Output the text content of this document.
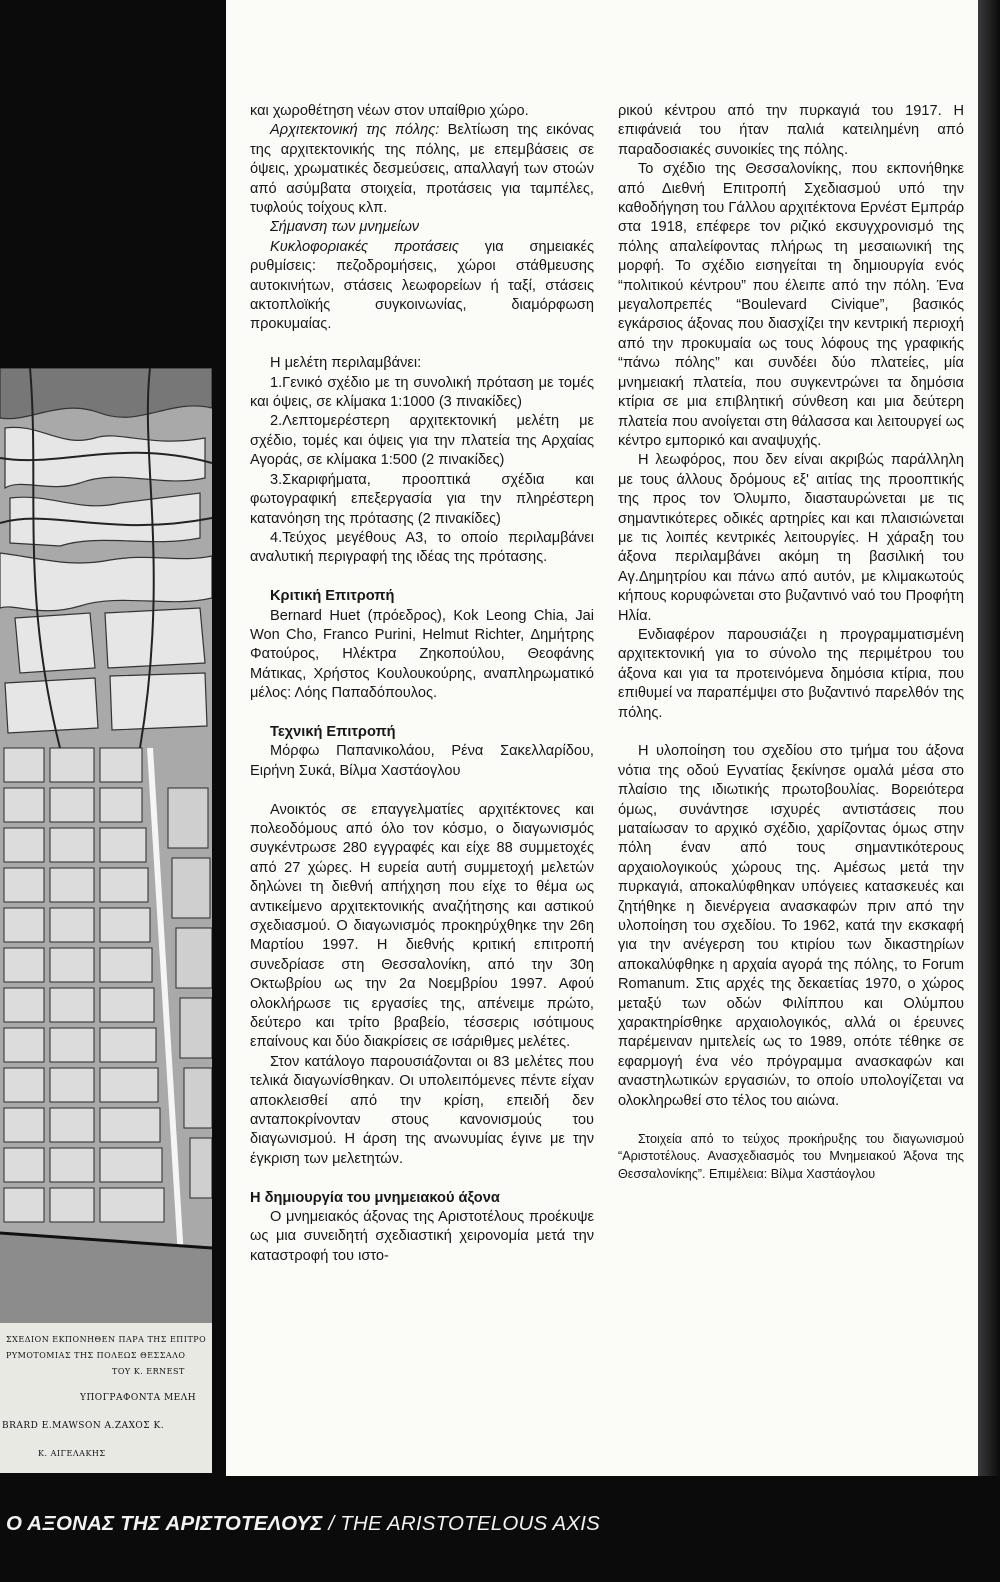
ΣΧΕΔΙΟΝ ΕΚΠΟΝΗΘΕΝ ΠΑΡΑ ΤΗΣ ΕΠΙΤΡΟ
ΡΥΜΟΤΟΜΙΑΣ ΤΗΣ ΠΟΛΕΩΣ ΘΕΣΣΑΛΟ
ΤΟΥ Κ. ERNEST
ΥΠΟΓΡΑΦΟΝΤΑ ΜΕΛΗ
BRARD E.MAWSON A.ZAXOΣ K.
K. ΑΙΓΕΛΑΚΗΣ

και χωροθέτηση νέων στον υπαίθριο χώρο.

Αρχιτεκτονική της πόλης: Βελτίωση της εικόνας της αρχιτεκτονικής της πόλης, με επεμβάσεις σε όψεις, χρωματικές δεσμεύσεις, απαλλαγή των στοών από ασύμβατα στοιχεία, προτάσεις για ταμπέλες, τυφλούς τοίχους κλπ.

Σήμανση των μνημείων

Κυκλοφοριακές προτάσεις για σημειακές ρυθμίσεις: πεζοδρομήσεις, χώροι στάθμευσης αυτοκινήτων, στάσεις λεωφορείων ή ταξί, στάσεις ακτοπλοϊκής συγκοινωνίας, διαμόρφωση προκυμαίας.

Η μελέτη περιλαμβάνει:

1.Γενικό σχέδιο με τη συνολική πρόταση με τομές και όψεις, σε κλίμακα 1:1000 (3 πινακίδες)

2.Λεπτομερέστερη αρχιτεκτονική μελέτη με σχέδιο, τομές και όψεις για την πλατεία της Αρχαίας Αγοράς, σε κλίμακα 1:500 (2 πινακίδες)

3.Σκαριφήματα, προοπτικά σχέδια και φωτογραφική επεξεργασία για την πληρέστερη κατανόηση της πρότασης (2 πινακίδες)

4.Τεύχος μεγέθους Α3, το οποίο περιλαμβάνει αναλυτική περιγραφή της ιδέας της πρότασης.

Κριτική Επιτροπή

Bernard Huet (πρόεδρος), Kok Leong Chia, Jai Won Cho, Franco Purini, Helmut Richter, Δημήτρης Φατούρος, Ηλέκτρα Ζηκοπούλου, Θεοφάνης Μάτικας, Χρήστος Κουλουκούρης, αναπληρωματικό μέλος: Λόης Παπαδόπουλος.

Τεχνική Επιτροπή

Μόρφω Παπανικολάου, Ρένα Σακελλαρίδου, Ειρήνη Συκά, Βίλμα Χαστάογλου

Ανοικτός σε επαγγελματίες αρχιτέκτονες και πολεοδόμους από όλο τον κόσμο, ο διαγωνισμός συγκέντρωσε 280 εγγραφές και είχε 88 συμμετοχές από 27 χώρες. Η ευρεία αυτή συμμετοχή μελετών δηλώνει τη διεθνή απήχηση που είχε το θέμα ως αντικείμενο αρχιτεκτονικής αναζήτησης και αστικού σχεδιασμού. Ο διαγωνισμός προκηρύχθηκε την 26η Μαρτίου 1997. Η διεθνής κριτική επιτροπή συνεδρίασε στη Θεσσαλονίκη, από την 30η Οκτωβρίου ως την 2α Νοεμβρίου 1997. Αφού ολοκλήρωσε τις εργασίες της, απένειμε πρώτο, δεύτερο και τρίτο βραβείο, τέσσερις ισότιμους επαίνους και δύο διακρίσεις σε ισάριθμες μελέτες.

Στον κατάλογο παρουσιάζονται οι 83 μελέτες που τελικά διαγωνίσθηκαν. Οι υπολειπόμενες πέντε είχαν αποκλεισθεί από την κρίση, επειδή δεν ανταποκρίνονταν στους κανονισμούς του διαγωνισμού. Η άρση της ανωνυμίας έγινε με την έγκριση των μελετητών.

Η δημιουργία του μνημειακού άξονα

Ο μνημειακός άξονας της Αριστοτέλους προέκυψε ως μια συνειδητή σχεδιαστική χειρονομία μετά την καταστροφή του ιστο-

ρικού κέντρου από την πυρκαγιά του 1917. Η επιφάνειά του ήταν παλιά κατειλημένη από παραδοσιακές συνοικίες της πόλης.

Το σχέδιο της Θεσσαλονίκης, που εκπονήθηκε από Διεθνή Επιτροπή Σχεδιασμού υπό την καθοδήγηση του Γάλλου αρχιτέκτονα Ερνέστ Εμπράρ στα 1918, επέφερε τον ριζικό εκσυγχρονισμό της πόλης απαλείφοντας πλήρως τη μεσαιωνική της μορφή. Το σχέδιο εισηγείται τη δημιουργία ενός “πολιτικού κέντρου” που έλειπε από την πόλη. Ένα μεγαλοπρεπές “Boulevard Civique”, βασικός εγκάρσιος άξονας που διασχίζει την κεντρική περιοχή από την προκυμαία ως τους λόφους της γραφικής “πάνω πόλης” και συνδέει δύο πλατείες, μία μνημειακή πλατεία, που συγκεντρώνει τα δημόσια κτίρια σε μια επιβλητική σύνθεση και μια δεύτερη πλατεία που ανοίγεται στη θάλασσα και λειτουργεί ως κέντρο εμπορικό και αναψυχής.

Η λεωφόρος, που δεν είναι ακριβώς παράλληλη με τους άλλους δρόμους εξ' αιτίας της προοπτικής της προς τον Όλυμπο, διασταυρώνεται με τις σημαντικότερες οδικές αρτηρίες και και πλαισιώνεται με τις λοιπές κεντρικές λειτουργίες. Η χάραξη του άξονα περιλαμβάνει ακόμη τη βασιλική του Αγ.Δημητρίου και πάνω από αυτόν, με κλιμακωτούς κήπους κορυφώνεται στο βυζαντινό ναό του Προφήτη Ηλία.

Ενδιαφέρον παρουσιάζει η προγραμματισμένη αρχιτεκτονική για το σύνολο της περιμέτρου του άξονα και για τα προτεινόμενα δημόσια κτίρια, που επιθυμεί να παραπέμψει στο βυζαντινό παρελθόν της πόλης.

Η υλοποίηση του σχεδίου στο τμήμα του άξονα νότια της οδού Εγνατίας ξεκίνησε ομαλά μέσα στο πλαίσιο της ιδιωτικής πρωτοβουλίας. Βορειότερα όμως, συνάντησε ισχυρές αντιστάσεις που ματαίωσαν το αρχικό σχέδιο, χαρίζοντας όμως στην πόλη έναν από τους σημαντικότερους αρχαιολογικούς χώρους της. Αμέσως μετά την πυρκαγιά, αποκαλύφθηκαν υπόγειες κατασκευές και ζητήθηκε η διενέργεια ανασκαφών πριν από την υλοποίηση του σχεδίου. Το 1962, κατά την εκσκαφή για την ανέγερση του κτιρίου των δικαστηρίων αποκαλύφθηκε η αρχαία αγορά της πόλης, το Forum Romanum. Στις αρχές της δεκαετίας 1970, ο χώρος μεταξύ των οδών Φιλίππου και Ολύμπου χαρακτηρίσθηκε αρχαιολογικός, αλλά οι έρευνες παρέμειναν ημιτελείς ως το 1989, οπότε τέθηκε σε εφαρμογή ένα νέο πρόγραμμα ανασκαφών και αναστηλωτικών εργασιών, το οποίο υπολογίζεται να ολοκληρωθεί στο τέλος του αιώνα.

Στοιχεία από το τεύχος προκήρυξης του διαγωνισμού “Αριστοτέλους. Ανασχεδιασμός του Μνημειακού Άξονα της Θεσσαλονίκης”. Επιμέλεια: Βίλμα Χαστάογλου

Ο ΑΞΟΝΑΣ ΤΗΣ ΑΡΙΣΤΟΤΕΛΟΥΣ / THE ARISTOTELOUS AXIS
